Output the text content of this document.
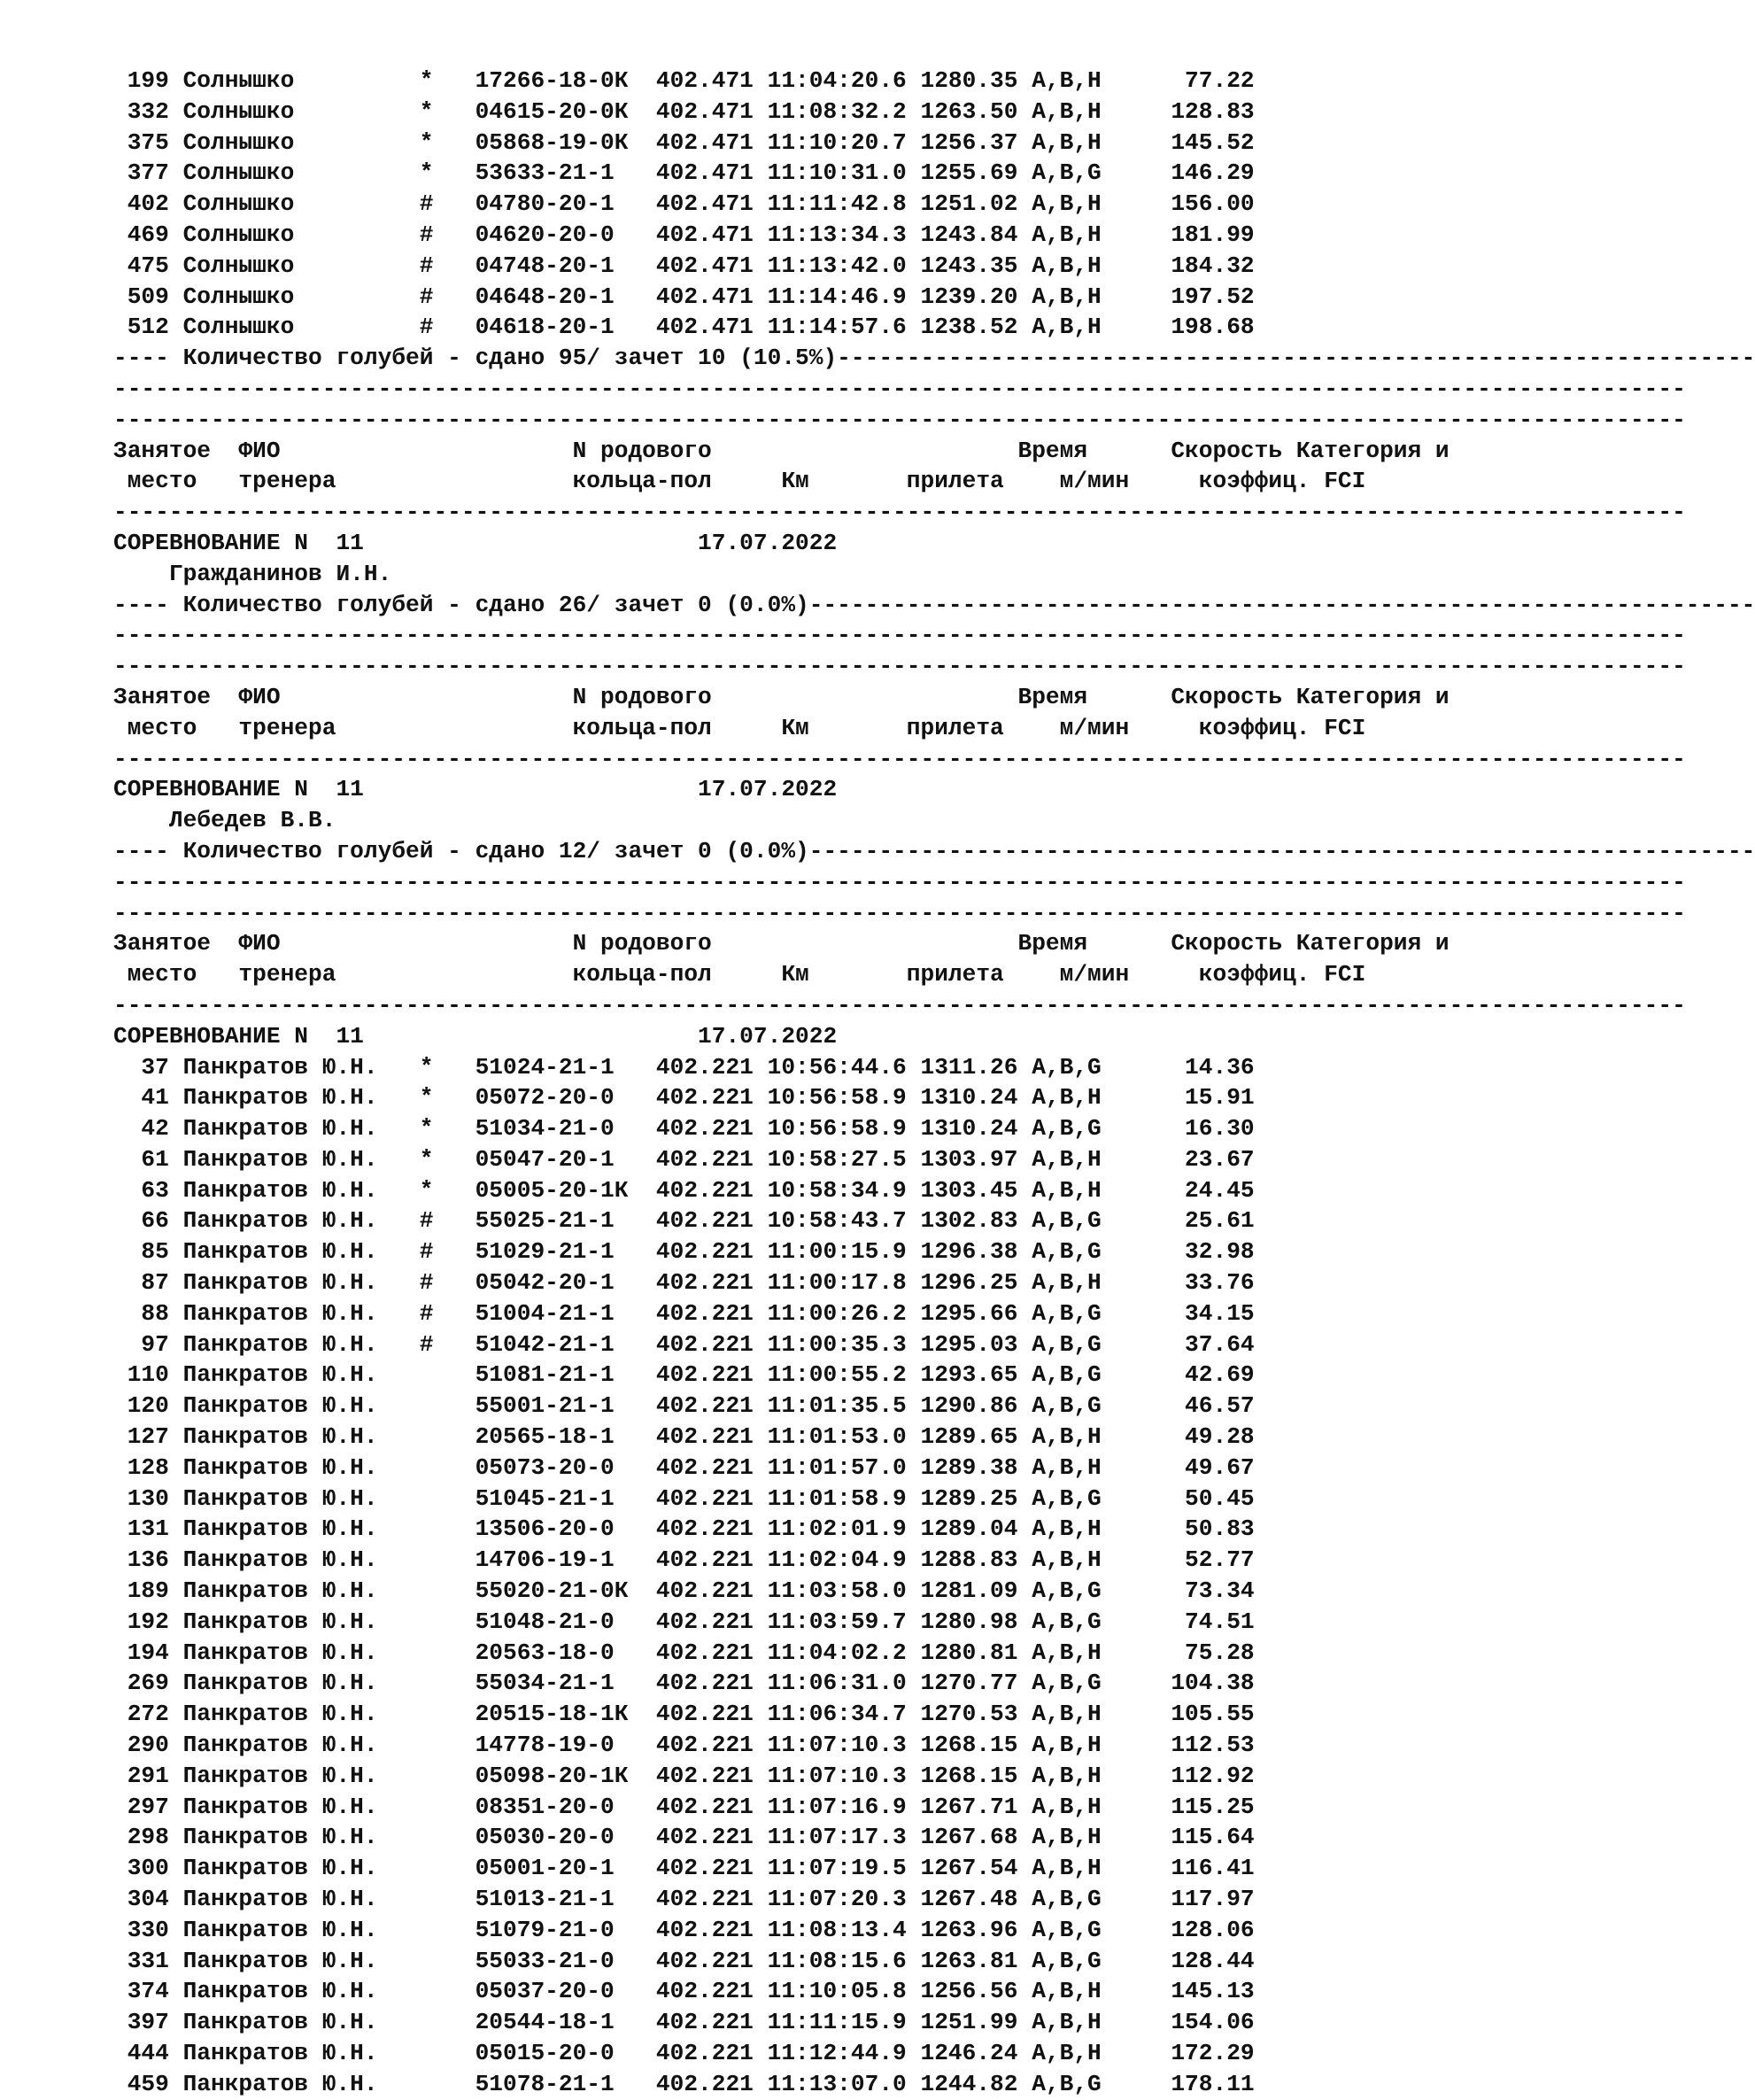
199 Солнышко         *   17266-18-0К  402.471 11:04:20.6 1280.35 A,B,H      77.22
332 Солнышко         *   04615-20-0К  402.471 11:08:32.2 1263.50 A,B,H     128.83
375 Солнышко         *   05868-19-0К  402.471 11:10:20.7 1256.37 A,B,H     145.52
377 Солнышко         *   53633-21-1   402.471 11:10:31.0 1255.69 A,B,G     146.29
402 Солнышко         #   04780-20-1   402.471 11:11:42.8 1251.02 A,B,H     156.00
469 Солнышко         #   04620-20-0   402.471 11:13:34.3 1243.84 A,B,H     181.99
475 Солнышко         #   04748-20-1   402.471 11:13:42.0 1243.35 A,B,H     184.32
509 Солнышко         #   04648-20-1   402.471 11:14:46.9 1239.20 A,B,H     197.52
512 Солнышко         #   04618-20-1   402.471 11:14:57.6 1238.52 A,B,H     198.68
---- Количество голубей - сдано 95/ зачет 10 (10.5%)------------------------------------------------------------------
-----------------------------------------------------------------------------------------------------------------
-----------------------------------------------------------------------------------------------------------------
Занятое  ФИО                     N родового                      Время      Скорость Категория и
место   тренера                 кольца-пол     Км       прилета    м/мин     коэффиц. FCI
-----------------------------------------------------------------------------------------------------------------
СОРЕВНОВАНИЕ N  11                        17.07.2022
Гражданинов И.Н.
---- Количество голубей - сдано 26/ зачет 0 (0.0%)--------------------------------------------------------------------
-----------------------------------------------------------------------------------------------------------------
-----------------------------------------------------------------------------------------------------------------
Занятое  ФИО                     N родового                      Время      Скорость Категория и
место   тренера                 кольца-пол     Км       прилета    м/мин     коэффиц. FCI
-----------------------------------------------------------------------------------------------------------------
СОРЕВНОВАНИЕ N  11                        17.07.2022
Лебедев В.В.
---- Количество голубей - сдано 12/ зачет 0 (0.0%)--------------------------------------------------------------------
-----------------------------------------------------------------------------------------------------------------
-----------------------------------------------------------------------------------------------------------------
Занятое  ФИО                     N родового                      Время      Скорость Категория и
место   тренера                 кольца-пол     Км       прилета    м/мин     коэффиц. FCI
-----------------------------------------------------------------------------------------------------------------
СОРЕВНОВАНИЕ N  11                        17.07.2022
37 Панкратов Ю.Н.   *   51024-21-1   402.221 10:56:44.6 1311.26 A,B,G      14.36
41 Панкратов Ю.Н.   *   05072-20-0   402.221 10:56:58.9 1310.24 A,B,H      15.91
42 Панкратов Ю.Н.   *   51034-21-0   402.221 10:56:58.9 1310.24 A,B,G      16.30
61 Панкратов Ю.Н.   *   05047-20-1   402.221 10:58:27.5 1303.97 A,B,H      23.67
63 Панкратов Ю.Н.   *   05005-20-1К  402.221 10:58:34.9 1303.45 A,B,H      24.45
66 Панкратов Ю.Н.   #   55025-21-1   402.221 10:58:43.7 1302.83 A,B,G      25.61
85 Панкратов Ю.Н.   #   51029-21-1   402.221 11:00:15.9 1296.38 A,B,G      32.98
87 Панкратов Ю.Н.   #   05042-20-1   402.221 11:00:17.8 1296.25 A,B,H      33.76
88 Панкратов Ю.Н.   #   51004-21-1   402.221 11:00:26.2 1295.66 A,B,G      34.15
97 Панкратов Ю.Н.   #   51042-21-1   402.221 11:00:35.3 1295.03 A,B,G      37.64
110 Панкратов Ю.Н.       51081-21-1   402.221 11:00:55.2 1293.65 A,B,G      42.69
120 Панкратов Ю.Н.       55001-21-1   402.221 11:01:35.5 1290.86 A,B,G      46.57
127 Панкратов Ю.Н.       20565-18-1   402.221 11:01:53.0 1289.65 A,B,H      49.28
128 Панкратов Ю.Н.       05073-20-0   402.221 11:01:57.0 1289.38 A,B,H      49.67
130 Панкратов Ю.Н.       51045-21-1   402.221 11:01:58.9 1289.25 A,B,G      50.45
131 Панкратов Ю.Н.       13506-20-0   402.221 11:02:01.9 1289.04 A,B,H      50.83
136 Панкратов Ю.Н.       14706-19-1   402.221 11:02:04.9 1288.83 A,B,H      52.77
189 Панкратов Ю.Н.       55020-21-0К  402.221 11:03:58.0 1281.09 A,B,G      73.34
192 Панкратов Ю.Н.       51048-21-0   402.221 11:03:59.7 1280.98 A,B,G      74.51
194 Панкратов Ю.Н.       20563-18-0   402.221 11:04:02.2 1280.81 A,B,H      75.28
269 Панкратов Ю.Н.       55034-21-1   402.221 11:06:31.0 1270.77 A,B,G     104.38
272 Панкратов Ю.Н.       20515-18-1К  402.221 11:06:34.7 1270.53 A,B,H     105.55
290 Панкратов Ю.Н.       14778-19-0   402.221 11:07:10.3 1268.15 A,B,H     112.53
291 Панкратов Ю.Н.       05098-20-1К  402.221 11:07:10.3 1268.15 A,B,H     112.92
297 Панкратов Ю.Н.       08351-20-0   402.221 11:07:16.9 1267.71 A,B,H     115.25
298 Панкратов Ю.Н.       05030-20-0   402.221 11:07:17.3 1267.68 A,B,H     115.64
300 Панкратов Ю.Н.       05001-20-1   402.221 11:07:19.5 1267.54 A,B,H     116.41
304 Панкратов Ю.Н.       51013-21-1   402.221 11:07:20.3 1267.48 A,B,G     117.97
330 Панкратов Ю.Н.       51079-21-0   402.221 11:08:13.4 1263.96 A,B,G     128.06
331 Панкратов Ю.Н.       55033-21-0   402.221 11:08:15.6 1263.81 A,B,G     128.44
374 Панкратов Ю.Н.       05037-20-0   402.221 11:10:05.8 1256.56 A,B,H     145.13
397 Панкратов Ю.Н.       20544-18-1   402.221 11:11:15.9 1251.99 A,B,H     154.06
444 Панкратов Ю.Н.       05015-20-0   402.221 11:12:44.9 1246.24 A,B,H     172.29
459 Панкратов Ю.Н.       51078-21-1   402.221 11:13:07.0 1244.82 A,B,G     178.11
